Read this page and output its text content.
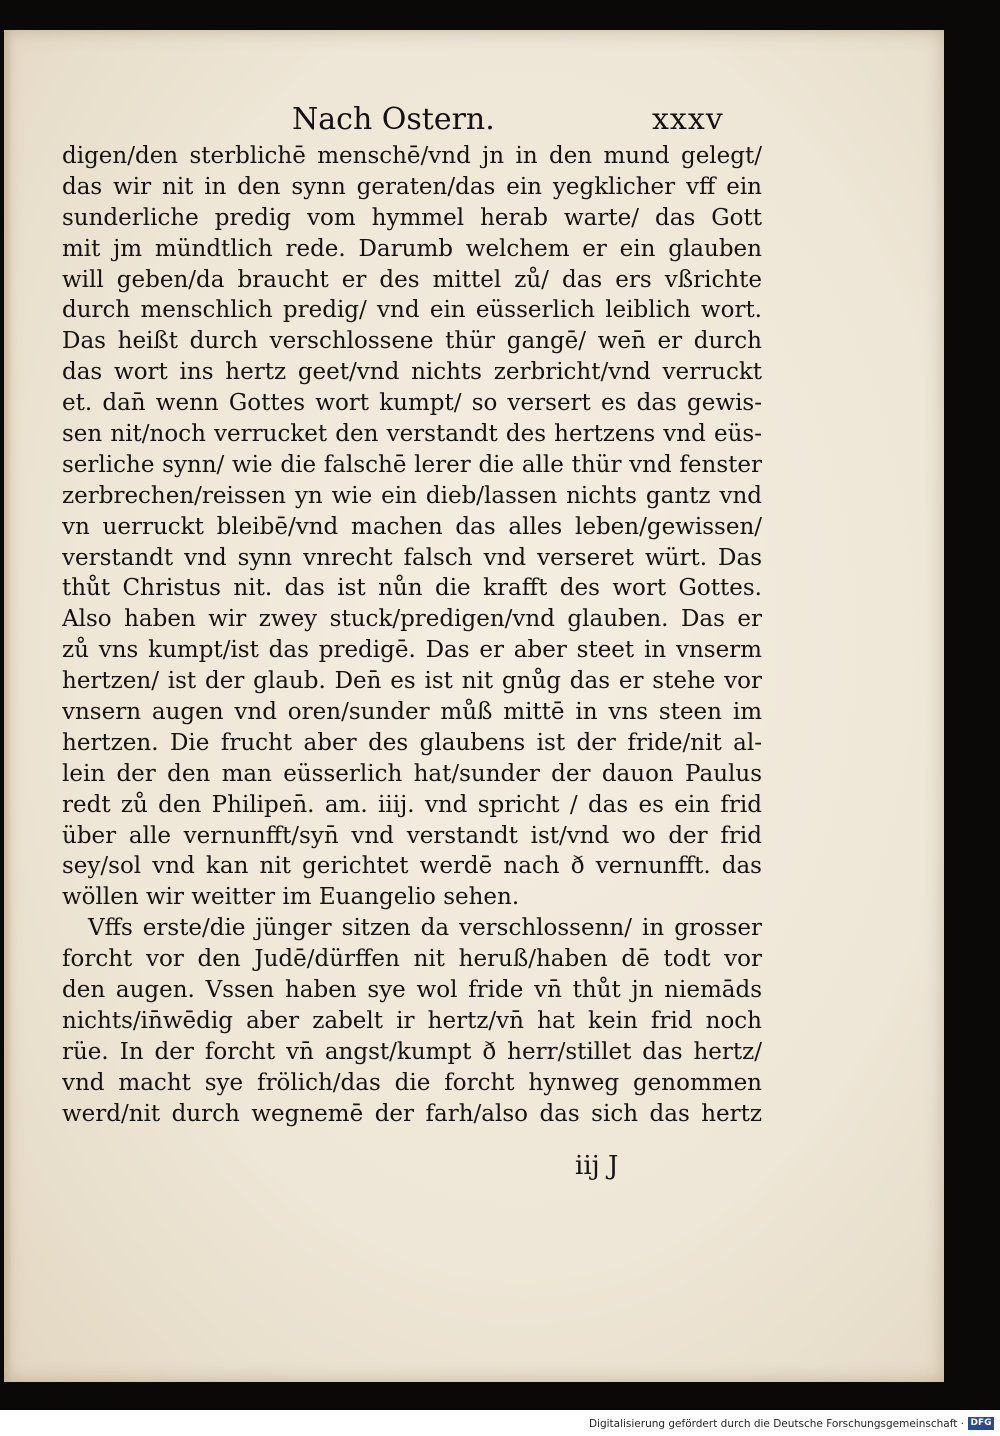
Nach Ostern.	xxxv
digen/den sterblichē menschē/vnd jn in den mund gelegt/
das wir nit in den synn geraten/das ein yegklicher vff ein
sunderliche predig vom hymmel herab warte/ das Gott
mit jm mündtlich rede. Darumb welchem er ein glauben
will geben/da braucht er des mittel zů/ das ers vßrichte
durch menschlich predig/ vnd ein eüsserlich leiblich wort.
Das heißt durch verschlossene thür gangē/ wen̄ er durch
das wort ins hertz geet/vnd nichts zerbricht/vnd verruckt
et. dan̄ wenn Gottes wort kumpt/ so versert es das gewis-
sen nit/noch verrucket den verstandt des hertzens vnd eüs-
serliche synn/ wie die falschē lerer die alle thür vnd fenster
zerbrechen/reissen yn wie ein dieb/lassen nichts gantz vnd
vn uerruckt bleibē/vnd machen das alles leben/gewissen/
verstandt vnd synn vnrecht falsch vnd verseret würt. Das
thůt Christus nit. das ist nůn die krafft des wort Gottes.
Also haben wir zwey stuck/predigen/vnd glauben. Das er
zů vns kumpt/ist das predigē. Das er aber steet in vnserm
hertzen/ ist der glaub. Den̄ es ist nit gnůg das er stehe vor
vnsern augen vnd oren/sunder můß mittē in vns steen im
hertzen. Die frucht aber des glaubens ist der fride/nit al-
lein der den man eüsserlich hat/sunder der dauon Paulus
redt zů den Philipen̄. am. iiij. vnd spricht / das es ein frid
über alle vernunfft/syn̄ vnd verstandt ist/vnd wo der frid
sey/sol vnd kan nit gerichtet werdē nach ð vernunfft. das
wöllen wir weitter im Euangelio sehen.
Vffs erste/die jünger sitzen da verschlossenn/ in grosser
forcht vor den Judē/dürffen nit heruß/haben dē todt vor
den augen. Vssen haben sye wol fride vn̄ thůt jn niemāds
nichts/in̄wēdig aber zabelt ir hertz/vn̄ hat kein frid noch
rüe. In der forcht vn̄ angst/kumpt ð herr/stillet das hertz/
vnd macht sye frölich/das die forcht hynweg genommen
werd/nit durch wegnemē der farh/also das sich das hertz
iij J
Digitalisierung gefördert durch die Deutsche Forschungsgemeinschaft · DFG
